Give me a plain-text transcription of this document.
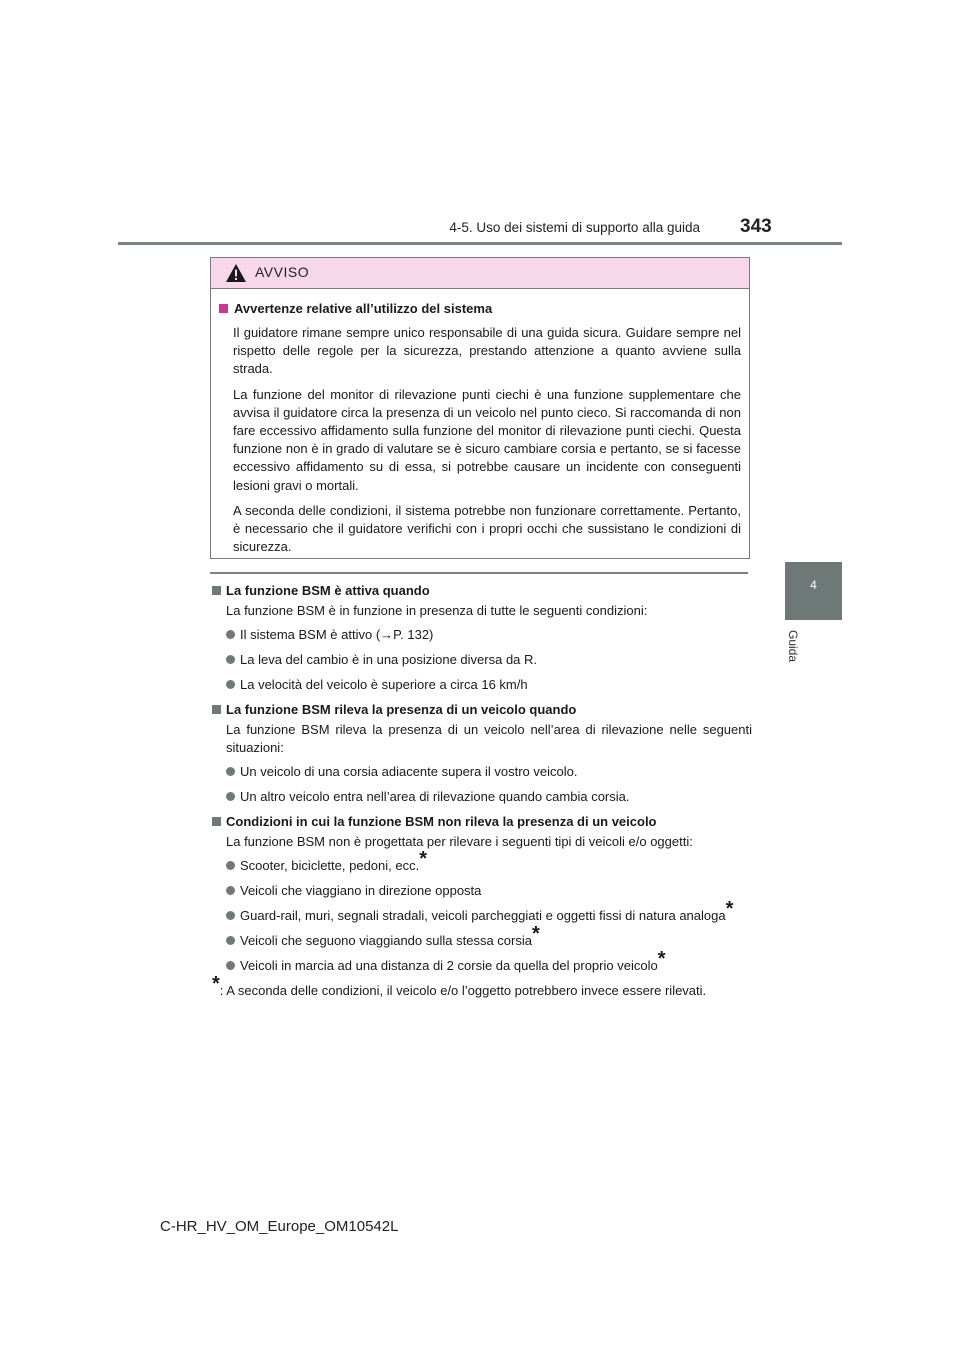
4-5. Uso dei sistemi di supporto alla guida 343
4
Guida
AVVISO

Avvertenze relative all’utilizzo del sistema

Il guidatore rimane sempre unico responsabile di una guida sicura. Guidare sempre nel rispetto delle regole per la sicurezza, prestando attenzione a quanto avviene sulla strada.

La funzione del monitor di rilevazione punti ciechi è una funzione supplementare che avvisa il guidatore circa la presenza di un veicolo nel punto cieco. Si raccomanda di non fare eccessivo affidamento sulla funzione del monitor di rilevazione punti ciechi. Questa funzione non è in grado di valutare se è sicuro cambiare corsia e pertanto, se si facesse eccessivo affidamento su di essa, si potrebbe causare un incidente con conseguenti lesioni gravi o mortali.

A seconda delle condizioni, il sistema potrebbe non funzionare correttamente. Pertanto, è necessario che il guidatore verifichi con i propri occhi che sussistano le condizioni di sicurezza.

La funzione BSM è attiva quando

La funzione BSM è in funzione in presenza di tutte le seguenti condizioni:

Il sistema BSM è attivo (→P. 132)

La leva del cambio è in una posizione diversa da R.

La velocità del veicolo è superiore a circa 16 km/h

La funzione BSM rileva la presenza di un veicolo quando

La funzione BSM rileva la presenza di un veicolo nell’area di rilevazione nelle seguenti situazioni:

Un veicolo di una corsia adiacente supera il vostro veicolo.

Un altro veicolo entra nell’area di rilevazione quando cambia corsia.

Condizioni in cui la funzione BSM non rileva la presenza di un veicolo

La funzione BSM non è progettata per rilevare i seguenti tipi di veicoli e/o oggetti:

Scooter, biciclette, pedoni, ecc.*

Veicoli che viaggiano in direzione opposta

Guard-rail, muri, segnali stradali, veicoli parcheggiati e oggetti fissi di natura analoga*

Veicoli che seguono viaggiando sulla stessa corsia*

Veicoli in marcia ad una distanza di 2 corsie da quella del proprio veicolo*

*: A seconda delle condizioni, il veicolo e/o l’oggetto potrebbero invece essere rilevati.

C-HR_HV_OM_Europe_OM10542L
